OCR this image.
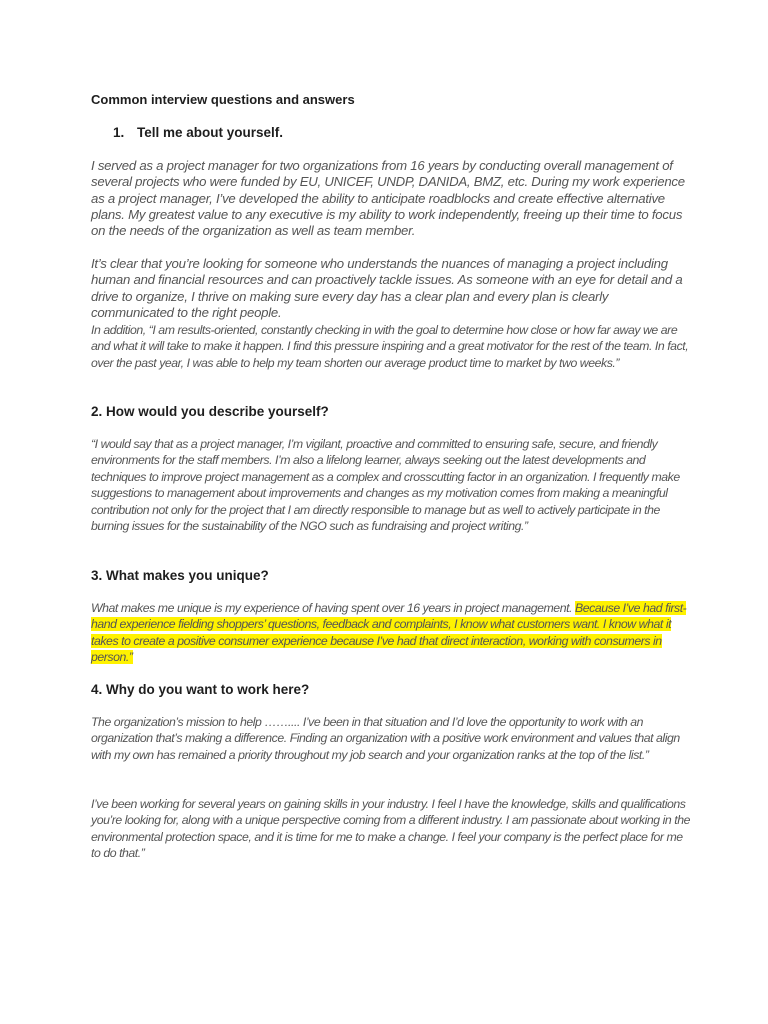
Common interview questions and answers
1. Tell me about yourself.

I served as a project manager for two organizations from 16 years by conducting overall management of several projects who were funded by EU, UNICEF, UNDP, DANIDA, BMZ, etc. During my work experience as a project manager, I’ve developed the ability to anticipate roadblocks and create effective alternative plans. My greatest value to any executive is my ability to work independently, freeing up their time to focus on the needs of the organization as well as team member.

It’s clear that you’re looking for someone who understands the nuances of managing a project including human and financial resources and can proactively tackle issues. As someone with an eye for detail and a drive to organize, I thrive on making sure every day has a clear plan and every plan is clearly communicated to the right people.

In addition, “I am results-oriented, constantly checking in with the goal to determine how close or how far away we are and what it will take to make it happen. I find this pressure inspiring and a great motivator for the rest of the team. In fact, over the past year, I was able to help my team shorten our average product time to market by two weeks.”

2. How would you describe yourself?

“I would say that as a project manager, I’m vigilant, proactive and committed to ensuring safe, secure, and friendly environments for the staff members. I’m also a lifelong learner, always seeking out the latest developments and techniques to improve project management as a complex and crosscutting factor in an organization. I frequently make suggestions to management about improvements and changes as my motivation comes from making a meaningful contribution not only for the project that I am directly responsible to manage but as well to actively participate in the burning issues for the sustainability of the NGO such as fundraising and project writing.”

3. What makes you unique?

What makes me unique is my experience of having spent over 16 years in project management. Because I’ve had first-hand experience fielding shoppers’ questions, feedback and complaints, I know what customers want. I know what it takes to create a positive consumer experience because I’ve had that direct interaction, working with consumers in person.”

4. Why do you want to work here?

The organization’s mission to help …….... I’ve been in that situation and I’d love the opportunity to work with an organization that’s making a difference. Finding an organization with a positive work environment and values that align with my own has remained a priority throughout my job search and your organization ranks at the top of the list.”

I’ve been working for several years on gaining skills in your industry. I feel I have the knowledge, skills and qualifications you’re looking for, along with a unique perspective coming from a different industry. I am passionate about working in the environmental protection space, and it is time for me to make a change. I feel your company is the perfect place for me to do that.”
